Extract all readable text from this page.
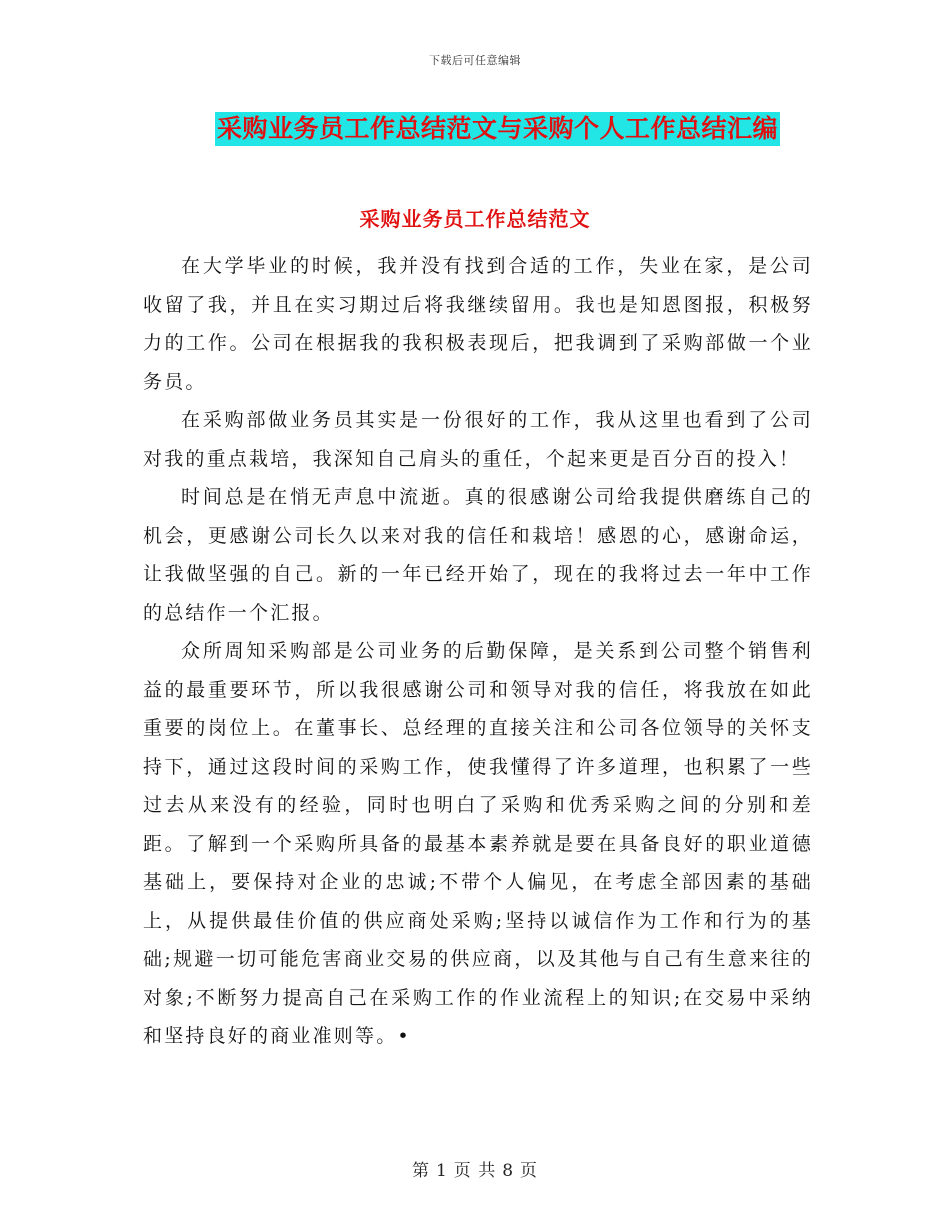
下载后可任意编辑
采购业务员工作总结范文与采购个人工作总结汇编
采购业务员工作总结范文

在大学毕业的时候，我并没有找到合适的工作，失业在家，是公司收留了我，并且在实习期过后将我继续留用。我也是知恩图报，积极努力的工作。公司在根据我的我积极表现后，把我调到了采购部做一个业务员。

在采购部做业务员其实是一份很好的工作，我从这里也看到了公司对我的重点栽培，我深知自己肩头的重任，个起来更是百分百的投入！

时间总是在悄无声息中流逝。真的很感谢公司给我提供磨练自己的机会，更感谢公司长久以来对我的信任和栽培！感恩的心，感谢命运，让我做坚强的自己。新的一年已经开始了，现在的我将过去一年中工作的总结作一个汇报。

众所周知采购部是公司业务的后勤保障，是关系到公司整个销售利益的最重要环节，所以我很感谢公司和领导对我的信任，将我放在如此重要的岗位上。在董事长、总经理的直接关注和公司各位领导的关怀支持下，通过这段时间的采购工作，使我懂得了许多道理，也积累了一些过去从来没有的经验，同时也明白了采购和优秀采购之间的分别和差距。了解到一个采购所具备的最基本素养就是要在具备良好的职业道德基础上，要保持对企业的忠诚;不带个人偏见，在考虑全部因素的基础上，从提供最佳价值的供应商处采购;坚持以诚信作为工作和行为的基础;规避一切可能危害商业交易的供应商，以及其他与自己有生意来往的对象;不断努力提高自己在采购工作的作业流程上的知识;在交易中采纳和坚持良好的商业准则等。•

第 1 页 共 8 页
